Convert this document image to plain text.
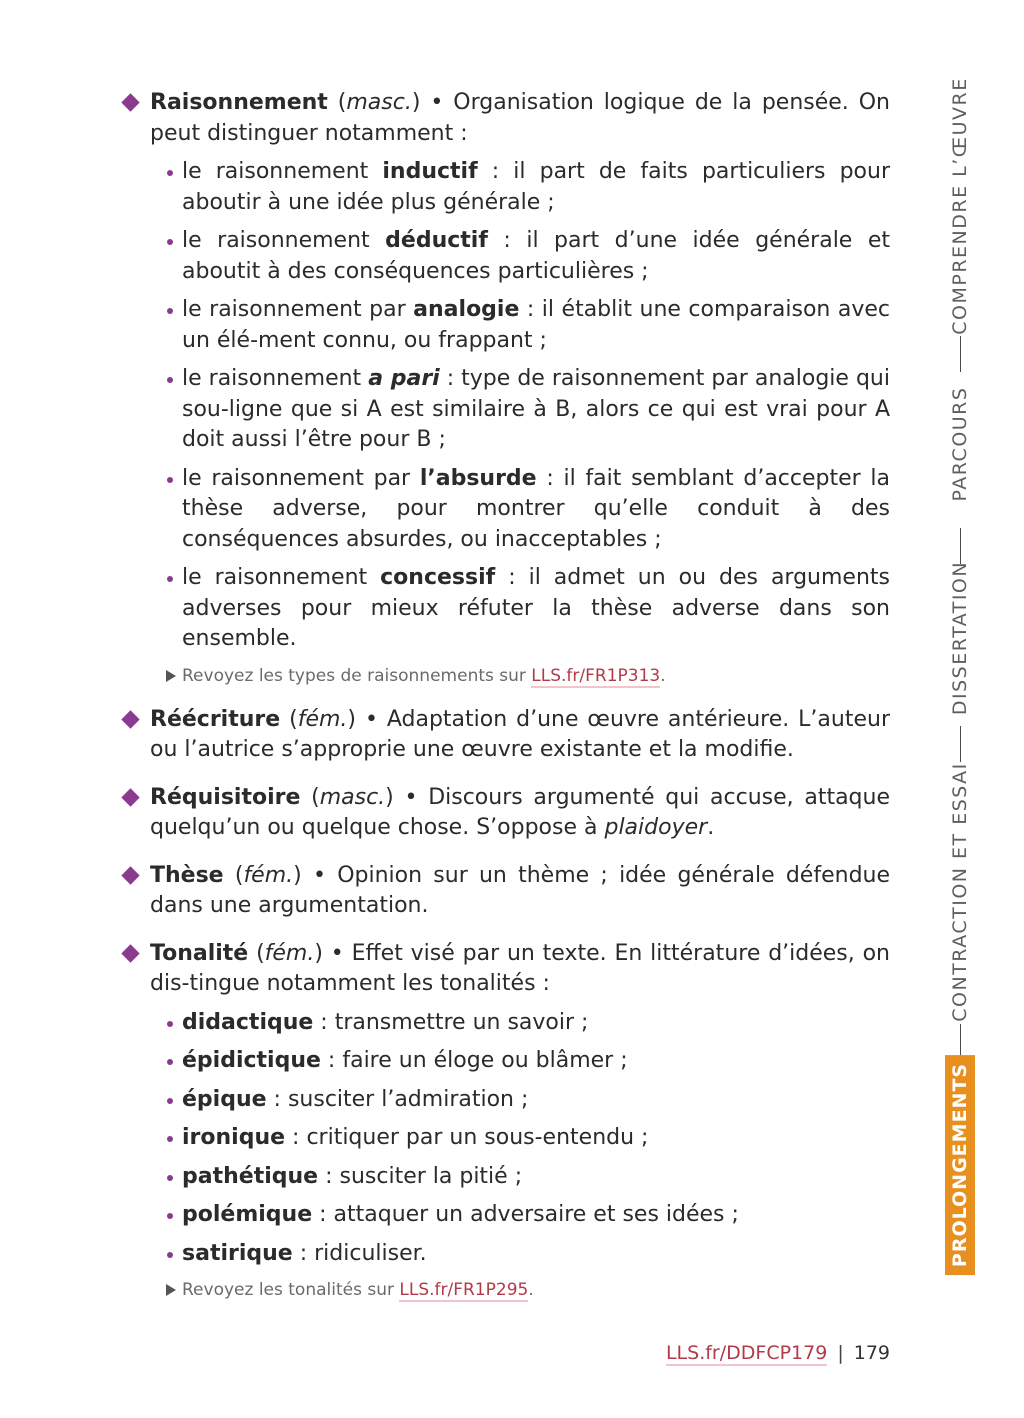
Raisonnement (masc.) • Organisation logique de la pensée. On peut distinguer notamment :
le raisonnement inductif : il part de faits particuliers pour aboutir à une idée plus générale ;
le raisonnement déductif : il part d’une idée générale et aboutit à des conséquences particulières ;
le raisonnement par analogie : il établit une comparaison avec un élé-ment connu, ou frappant ;
le raisonnement a pari : type de raisonnement par analogie qui sou-ligne que si A est similaire à B, alors ce qui est vrai pour A doit aussi l’être pour B ;
le raisonnement par l’absurde : il fait semblant d’accepter la thèse adverse, pour montrer qu’elle conduit à des conséquences absurdes, ou inacceptables ;
le raisonnement concessif : il admet un ou des arguments adverses pour mieux réfuter la thèse adverse dans son ensemble.
Revoyez les types de raisonnements sur LLS.fr/FR1P313.
Réécriture (fém.) • Adaptation d’une œuvre antérieure. L’auteur ou l’autrice s’approprie une œuvre existante et la modifie.
Réquisitoire (masc.) • Discours argumenté qui accuse, attaque quelqu’un ou quelque chose. S’oppose à plaidoyer.
Thèse (fém.) • Opinion sur un thème ; idée générale défendue dans une argumentation.
Tonalité (fém.) • Effet visé par un texte. En littérature d’idées, on dis-tingue notamment les tonalités :
didactique : transmettre un savoir ;
épidictique : faire un éloge ou blâmer ;
épique : susciter l’admiration ;
ironique : critiquer par un sous-entendu ;
pathétique : susciter la pitié ;
polémique : attaquer un adversaire et ses idées ;
satirique : ridiculiser.
Revoyez les tonalités sur LLS.fr/FR1P295.
COMPRENDRE L’ŒUVRE
PARCOURS
DISSERTATION
CONTRACTION ET ESSAI
PROLONGEMENTS
LLS.fr/DDFCP179 | 179
